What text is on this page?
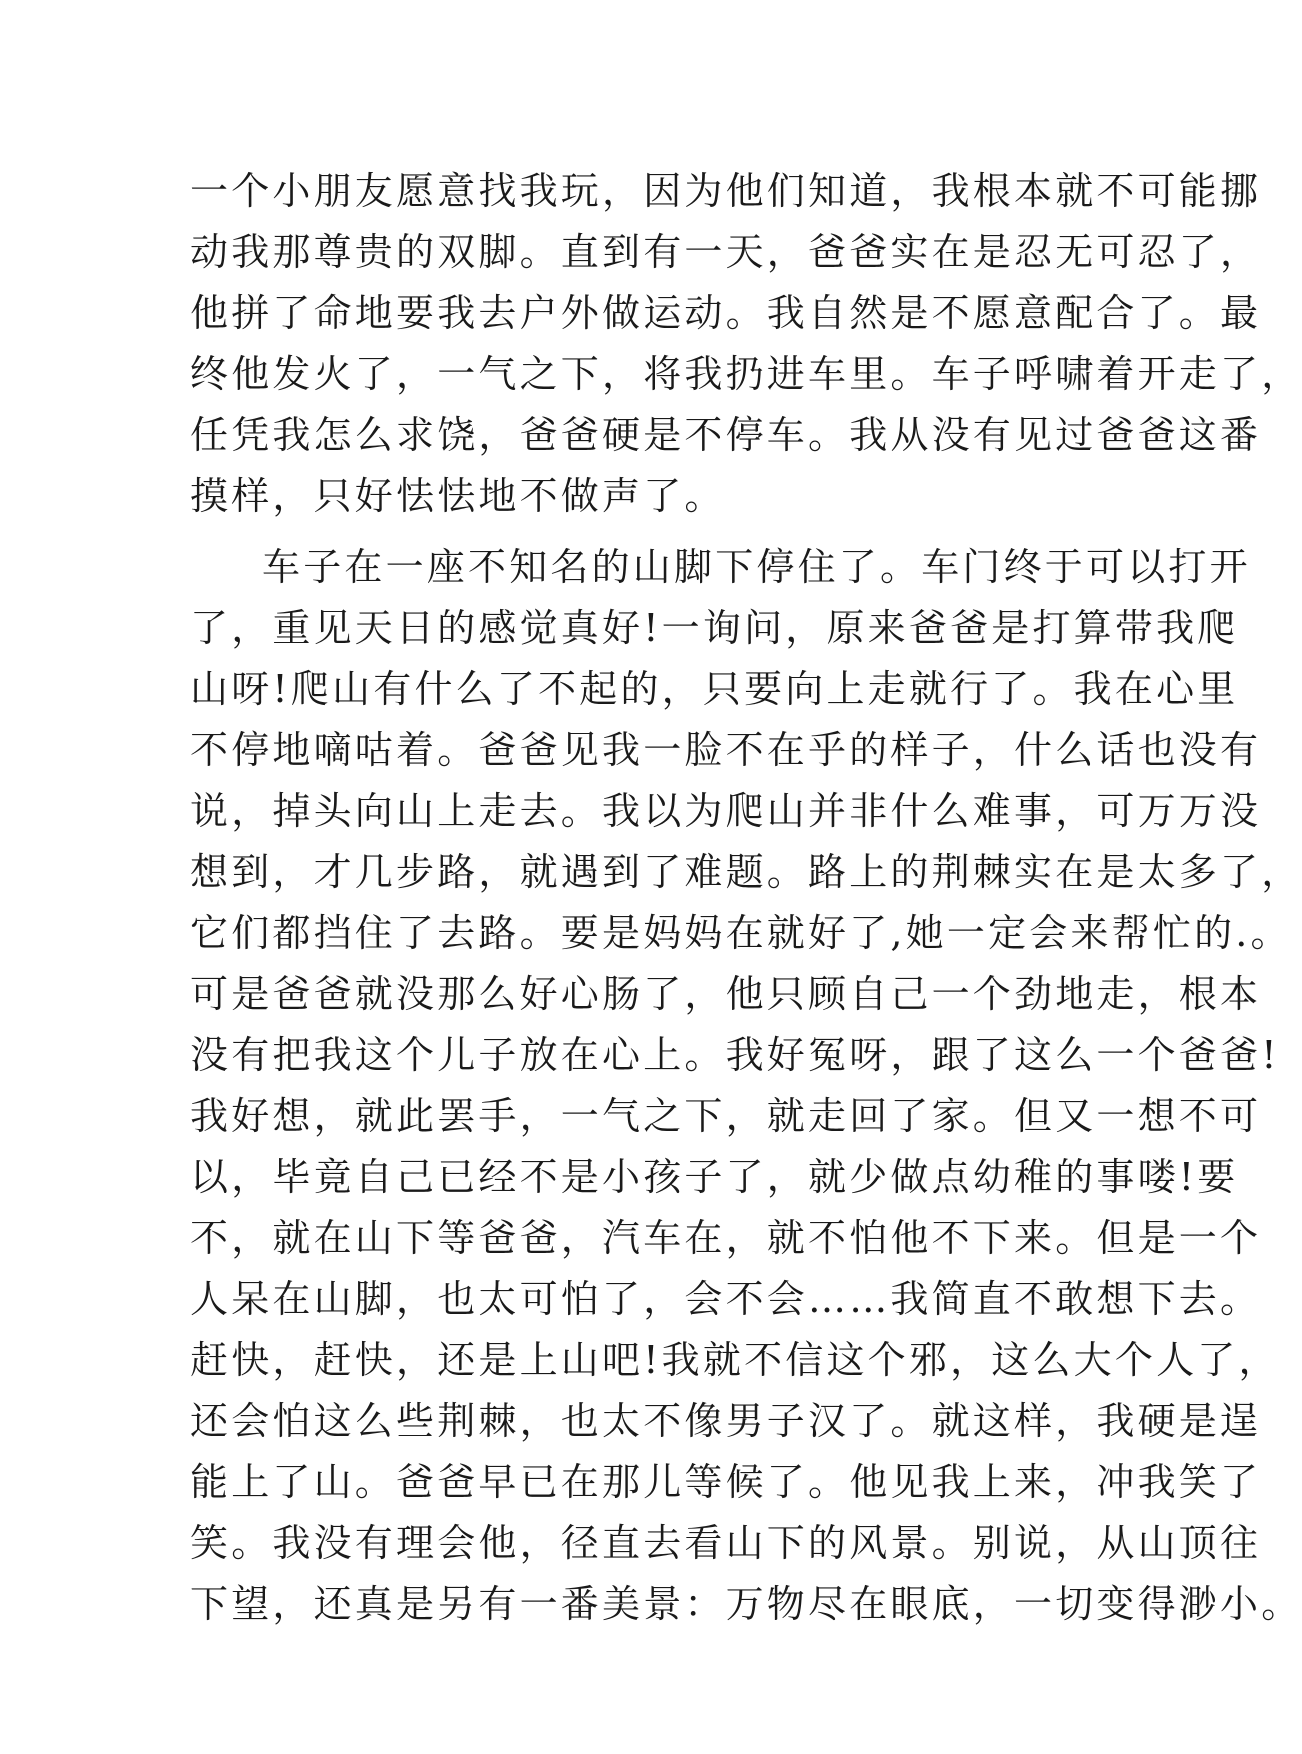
一个小朋友愿意找我玩，因为他们知道，我根本就不可能挪
动我那尊贵的双脚。直到有一天，爸爸实在是忍无可忍了，
他拼了命地要我去户外做运动。我自然是不愿意配合了。最
终他发火了，一气之下，将我扔进车里。车子呼啸着开走了，
任凭我怎么求饶，爸爸硬是不停车。我从没有见过爸爸这番
摸样，只好怯怯地不做声了。
车子在一座不知名的山脚下停住了。车门终于可以打开
了，重见天日的感觉真好!一询问，原来爸爸是打算带我爬
山呀!爬山有什么了不起的，只要向上走就行了。我在心里
不停地嘀咕着。爸爸见我一脸不在乎的样子，什么话也没有
说，掉头向山上走去。我以为爬山并非什么难事，可万万没
想到，才几步路，就遇到了难题。路上的荆棘实在是太多了，
它们都挡住了去路。要是妈妈在就好了,她一定会来帮忙的.。
可是爸爸就没那么好心肠了，他只顾自己一个劲地走，根本
没有把我这个儿子放在心上。我好冤呀，跟了这么一个爸爸!
我好想，就此罢手，一气之下，就走回了家。但又一想不可
以，毕竟自己已经不是小孩子了，就少做点幼稚的事喽!要
不，就在山下等爸爸，汽车在，就不怕他不下来。但是一个
人呆在山脚，也太可怕了，会不会……我简直不敢想下去。
赶快，赶快，还是上山吧!我就不信这个邪，这么大个人了，
还会怕这么些荆棘，也太不像男子汉了。就这样，我硬是逞
能上了山。爸爸早已在那儿等候了。他见我上来，冲我笑了
笑。我没有理会他，径直去看山下的风景。别说，从山顶往
下望，还真是另有一番美景：万物尽在眼底，一切变得渺小。
